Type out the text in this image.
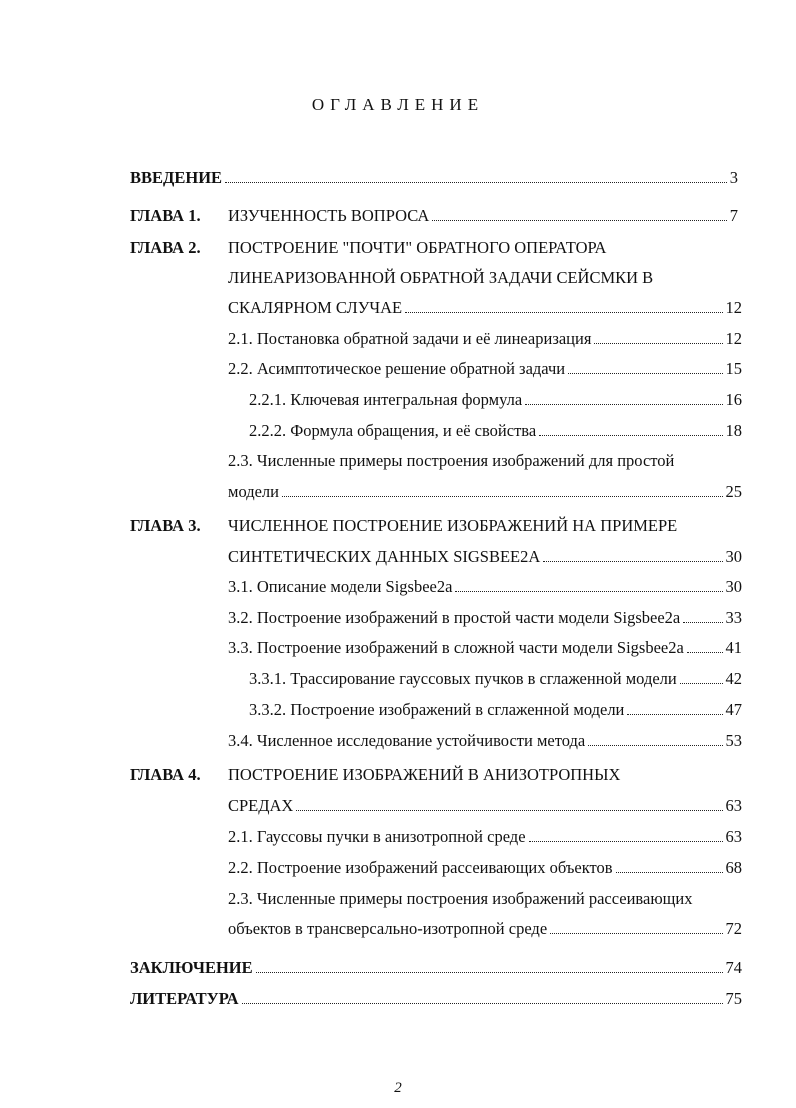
ОГЛАВЛЕНИЕ
ВВЕДЕНИЕ	3
ГЛАВА 1. ИЗУЧЕННОСТЬ ВОПРОСА	7
ГЛАВА 2. ПОСТРОЕНИЕ "ПОЧТИ" ОБРАТНОГО ОПЕРАТОРА
ЛИНЕАРИЗОВАННОЙ ОБРАТНОЙ ЗАДАЧИ СЕЙСМКИ В
СКАЛЯРНОМ СЛУЧАЕ	12
2.1. Постановка обратной задачи и её линеаризация	12
2.2. Асимптотическое решение обратной задачи	15
2.2.1. Ключевая интегральная формула	16
2.2.2. Формула обращения, и её свойства	18
2.3. Численные примеры построения изображений для простой
модели	25
ГЛАВА 3. ЧИСЛЕННОЕ ПОСТРОЕНИЕ ИЗОБРАЖЕНИЙ НА ПРИМЕРЕ
СИНТЕТИЧЕСКИХ ДАННЫХ SIGSBEE2A	30
3.1. Описание модели Sigsbee2a	30
3.2. Построение изображений в простой части модели Sigsbee2a	33
3.3. Построение изображений в сложной части модели Sigsbee2a	41
3.3.1. Трассирование гауссовых пучков в сглаженной модели	42
3.3.2. Построение изображений в сглаженной модели	47
3.4. Численное исследование устойчивости метода	53
ГЛАВА 4. ПОСТРОЕНИЕ ИЗОБРАЖЕНИЙ В АНИЗОТРОПНЫХ
СРЕДАХ	63
2.1. Гауссовы пучки в анизотропной среде	63
2.2. Построение изображений рассеивающих объектов	68
2.3. Численные примеры построения изображений рассеивающих
объектов в трансверсально-изотропной среде	72
ЗАКЛЮЧЕНИЕ	74
ЛИТЕРАТУРА	75
2
